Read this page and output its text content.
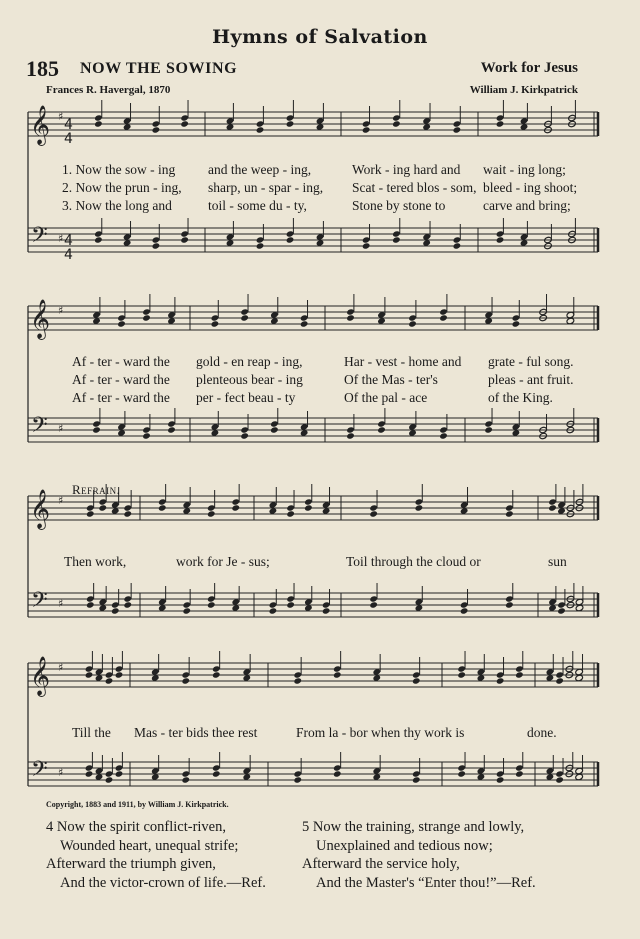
𝄞
𝄢
♯
♯
𝄞
𝄢
♯
♯
𝄞
𝄢
♯
♯
𝄞
𝄢
♯
♯
4
4
4
4
Hymns of Salvation
185 NOW THE SOWING	Work for Jesus
Frances R. Havergal, 1870	William J. Kirkpatrick
1. Now the sow - ing and the weep - ing,	Work - ing hard and wait - ing long;
2. Now the prun - ing, sharp, un - spar - ing, Scat - tered blos - som, bleed - ing shoot;
3. Now the long and	toil - some du - ty,	Stone by stone to	carve and bring;
Af - ter - ward the gold - en reap - ing,	Har - vest - home and grate - ful song.
Af - ter - ward the plenteous bear - ing	Of the Mas - ter's	pleas - ant fruit.
Af - ter - ward the per - fect beau - ty	Of the pal - ace	of the King.
Refrain.
Then work,	work for Je - sus;	Toil through the cloud or	sun
Till the Mas - ter bids thee rest	From la - bor when thy work is	done.
Copyright, 1883 and 1911, by William J. Kirkpatrick.
4 Now the spirit conflict-riven,
Wounded heart, unequal strife;
Afterward the triumph given,
And the victor-crown of life.—Ref.
5 Now the training, strange and lowly,
Unexplained and tedious now;
Afterward the service holy,
And the Master's “Enter thou!”—Ref.
